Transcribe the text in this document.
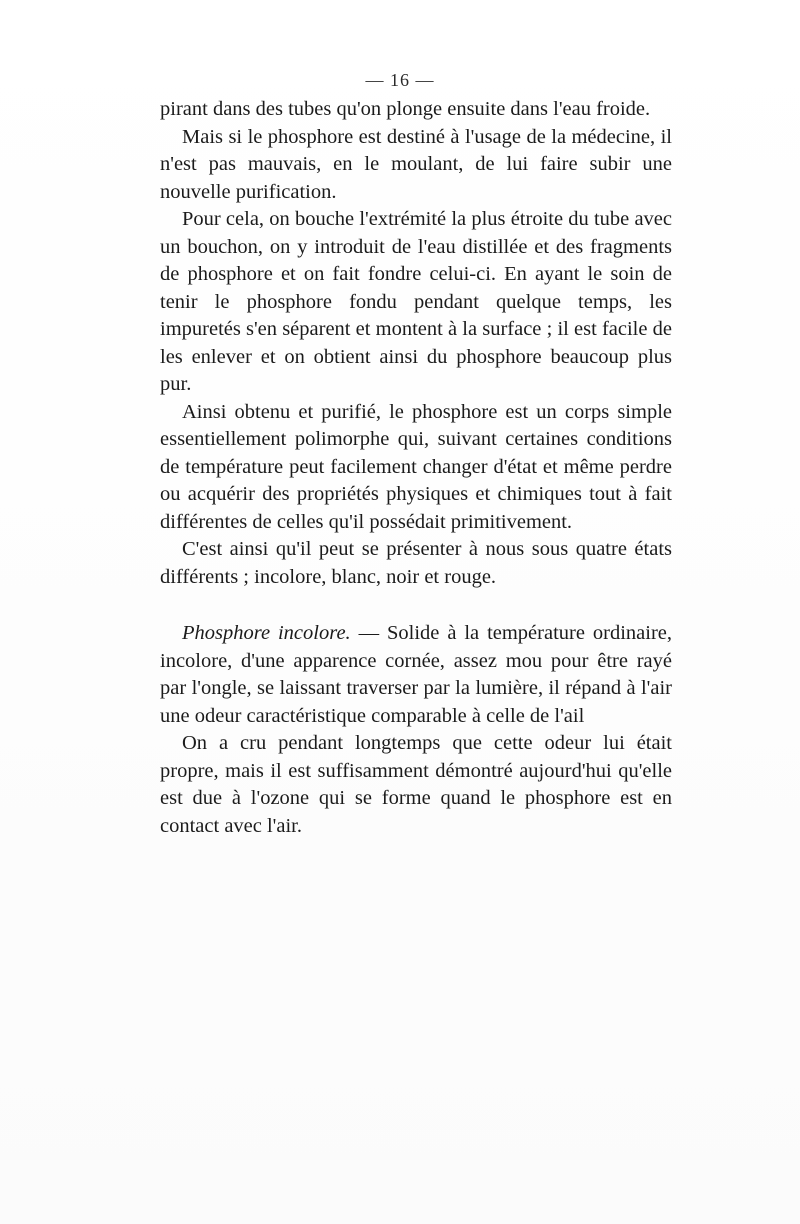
— 16 —

pirant dans des tubes qu'on plonge ensuite dans l'eau froide.

Mais si le phosphore est destiné à l'usage de la médecine, il n'est pas mauvais, en le moulant, de lui faire subir une nouvelle purification.

Pour cela, on bouche l'extrémité la plus étroite du tube avec un bouchon, on y introduit de l'eau distillée et des fragments de phosphore et on fait fondre celui-ci. En ayant le soin de tenir le phosphore fondu pendant quelque temps, les impuretés s'en séparent et montent à la surface ; il est facile de les enlever et on obtient ainsi du phosphore beaucoup plus pur.

Ainsi obtenu et purifié, le phosphore est un corps simple essentiellement polimorphe qui, suivant certaines conditions de température peut facilement changer d'état et même perdre ou acquérir des propriétés physiques et chimiques tout à fait différentes de celles qu'il possédait primitivement.

C'est ainsi qu'il peut se présenter à nous sous quatre états différents ; incolore, blanc, noir et rouge.

Phosphore incolore. — Solide à la température ordinaire, incolore, d'une apparence cornée, assez mou pour être rayé par l'ongle, se laissant traverser par la lumière, il répand à l'air une odeur caractéristique comparable à celle de l'ail

On a cru pendant longtemps que cette odeur lui était propre, mais il est suffisamment démontré aujourd'hui qu'elle est due à l'ozone qui se forme quand le phosphore est en contact avec l'air.
